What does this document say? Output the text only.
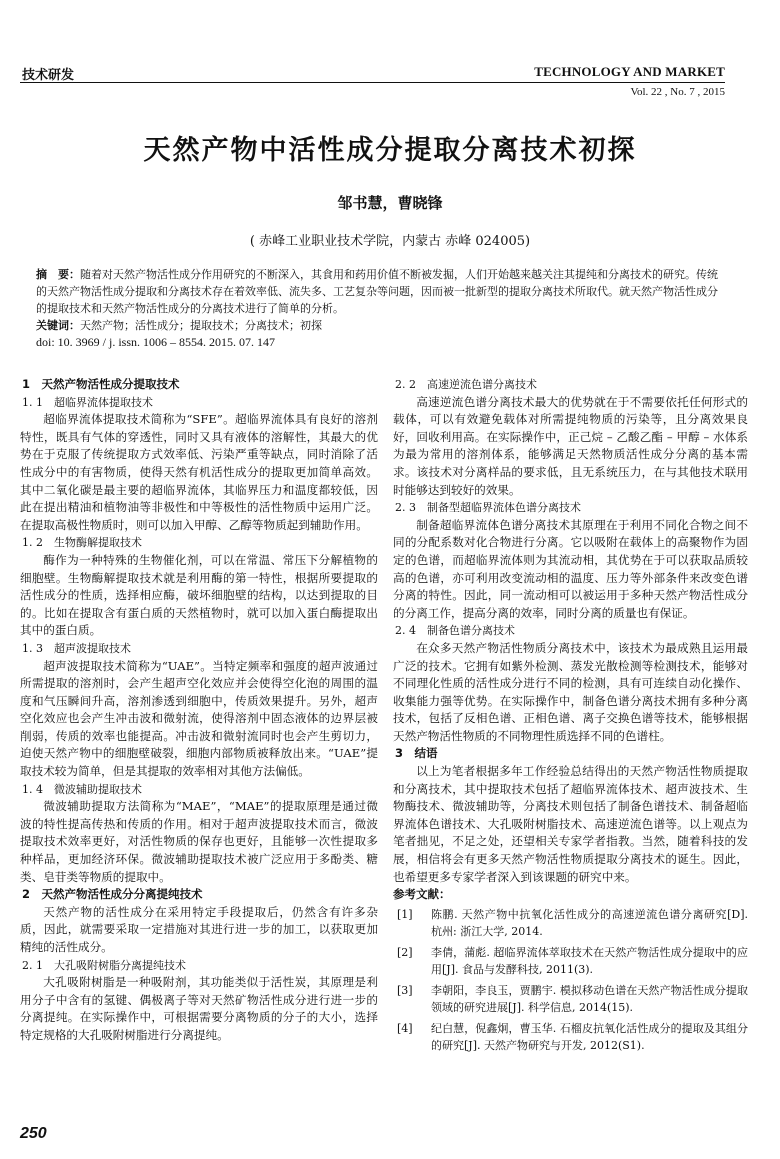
技术研发	TECHNOLOGY AND MARKET
Vol. 22 , No. 7 , 2015
天然产物中活性成分提取分离技术初探
邹书慧，曹晓锋
( 赤峰工业职业技术学院，内蒙古 赤峰 024005)
摘　要：随着对天然产物活性成分作用研究的不断深入，其食用和药用价值不断被发掘，人们开始越来越关注其提纯和分离技术的研究。传统的天然产物活性成分提取和分离技术存在着效率低、流失多、工艺复杂等问题，因而被一批新型的提取分离技术所取代。就天然产物活性成分的提取技术和天然产物活性成分的分离技术进行了简单的分析。
关键词：天然产物；活性成分；提取技术；分离技术；初探
doi: 10. 3969 / j. issn. 1006 – 8554. 2015. 07. 147

1　天然产物活性成分提取技术

1. 1　超临界流体提取技术

超临界流体提取技术简称为“SFE”。超临界流体具有良好的溶剂特性，既具有气体的穿透性，同时又具有液体的溶解性，其最大的优势在于克服了传统提取方式效率低、污染严重等缺点，同时消除了活性成分中的有害物质，使得天然有机活性成分的提取更加简单高效。其中二氧化碳是最主要的超临界流体，其临界压力和温度都较低，因此在提出精油和植物油等非极性和中等极性的活性物质中运用广泛。在提取高极性物质时，则可以加入甲醇、乙醇等物质起到辅助作用。

1. 2　生物酶解提取技术

酶作为一种特殊的生物催化剂，可以在常温、常压下分解植物的细胞壁。生物酶解提取技术就是利用酶的第一特性，根据所要提取的活性成分的性质，选择相应酶，破坏细胞壁的结构，以达到提取的目的。比如在提取含有蛋白质的天然植物时，就可以加入蛋白酶提取出其中的蛋白质。

1. 3　超声波提取技术

超声波提取技术简称为“UAE”。当特定频率和强度的超声波通过所需提取的溶剂时，会产生超声空化效应并会使得空化泡的周围的温度和气压瞬间升高，溶剂渗透到细胞中，传质效果提升。另外，超声空化效应也会产生冲击波和微射流，使得溶剂中固态液体的边界层被削弱，传质的效率也能提高。冲击波和微射流同时也会产生剪切力，迫使天然产物中的细胞壁破裂，细胞内部物质被释放出来。“UAE”提取技术较为简单，但是其提取的效率相对其他方法偏低。

1. 4　微波辅助提取技术

微波辅助提取方法简称为“MAE”，“MAE”的提取原理是通过微波的特性提高传热和传质的作用。相对于超声波提取技术而言，微波提取技术效率更好，对活性物质的保存也更好，且能够一次性提取多种样品，更加经济环保。微波辅助提取技术被广泛应用于多酚类、糖类、皂苷类等物质的提取中。

2　天然产物活性成分分离提纯技术

天然产物的活性成分在采用特定手段提取后，仍然含有许多杂质，因此，就需要采取一定措施对其进行进一步的加工，以获取更加精纯的活性成分。

2. 1　大孔吸附树脂分离提纯技术

大孔吸附树脂是一种吸附剂，其功能类似于活性炭，其原理是利用分子中含有的氢键、偶极离子等对天然矿物活性成分进行进一步的分离提纯。在实际操作中，可根据需要分离物质的分子的大小，选择特定规格的大孔吸附树脂进行分离提纯。

2. 2　高速逆流色谱分离技术

高速逆流色谱分离技术最大的优势就在于不需要依托任何形式的载体，可以有效避免载体对所需提纯物质的污染等，且分离效果良好，回收利用高。在实际操作中，正己烷 – 乙酸乙酯 – 甲醇 – 水体系为最为常用的溶剂体系，能够满足天然物质活性成分分离的基本需求。该技术对分离样品的要求低，且无系统压力，在与其他技术联用时能够达到较好的效果。

2. 3　制备型超临界流体色谱分离技术

制备超临界流体色谱分离技术其原理在于利用不同化合物之间不同的分配系数对化合物进行分离。它以吸附在载体上的高聚物作为固定的色谱，而超临界流体则为其流动相，其优势在于可以获取品质较高的色谱，亦可利用改变流动相的温度、压力等外部条件来改变色谱分离的特性。因此，同一流动相可以被运用于多种天然产物活性成分的分离工作，提高分离的效率，同时分离的质量也有保证。

2. 4　制备色谱分离技术

在众多天然产物活性物质分离技术中，该技术为最成熟且运用最广泛的技术。它拥有如紫外检测、蒸发光散检测等检测技术，能够对不同理化性质的活性成分进行不同的检测，具有可连续自动化操作、收集能力强等优势。在实际操作中，制备色谱分离技术拥有多种分离技术，包括了反相色谱、正相色谱、离子交换色谱等技术，能够根据天然产物活性物质的不同物理性质选择不同的色谱柱。

3　结语

以上为笔者根据多年工作经验总结得出的天然产物活性物质提取和分离技术，其中提取技术包括了超临界流体技术、超声波技术、生物酶技术、微波辅助等，分离技术则包括了制备色谱技术、制备超临界流体色谱技术、大孔吸附树脂技术、高速逆流色谱等。以上观点为笔者拙见，不足之处，还望相关专家学者指教。当然，随着科技的发展，相信将会有更多天然产物活性物质提取分离技术的诞生。因此，也希望更多专家学者深入到该课题的研究中来。

参考文献：

[1]	陈鹏. 天然产物中抗氧化活性成分的高速逆流色谱分离研究[D]. 杭州: 浙江大学, 2014.
[2]	李倩，蒲彪. 超临界流体萃取技术在天然产物活性成分提取中的应用[J]. 食品与发酵科技, 2011(3).
[3]	李朝阳，李良玉，贾鹏宇. 模拟移动色谱在天然产物活性成分提取领域的研究进展[J]. 科学信息, 2014(15).
[4]	纪白慧，倪鑫炯，曹玉华. 石榴皮抗氧化活性成分的提取及其组分的研究[J]. 天然产物研究与开发, 2012(S1).
250
